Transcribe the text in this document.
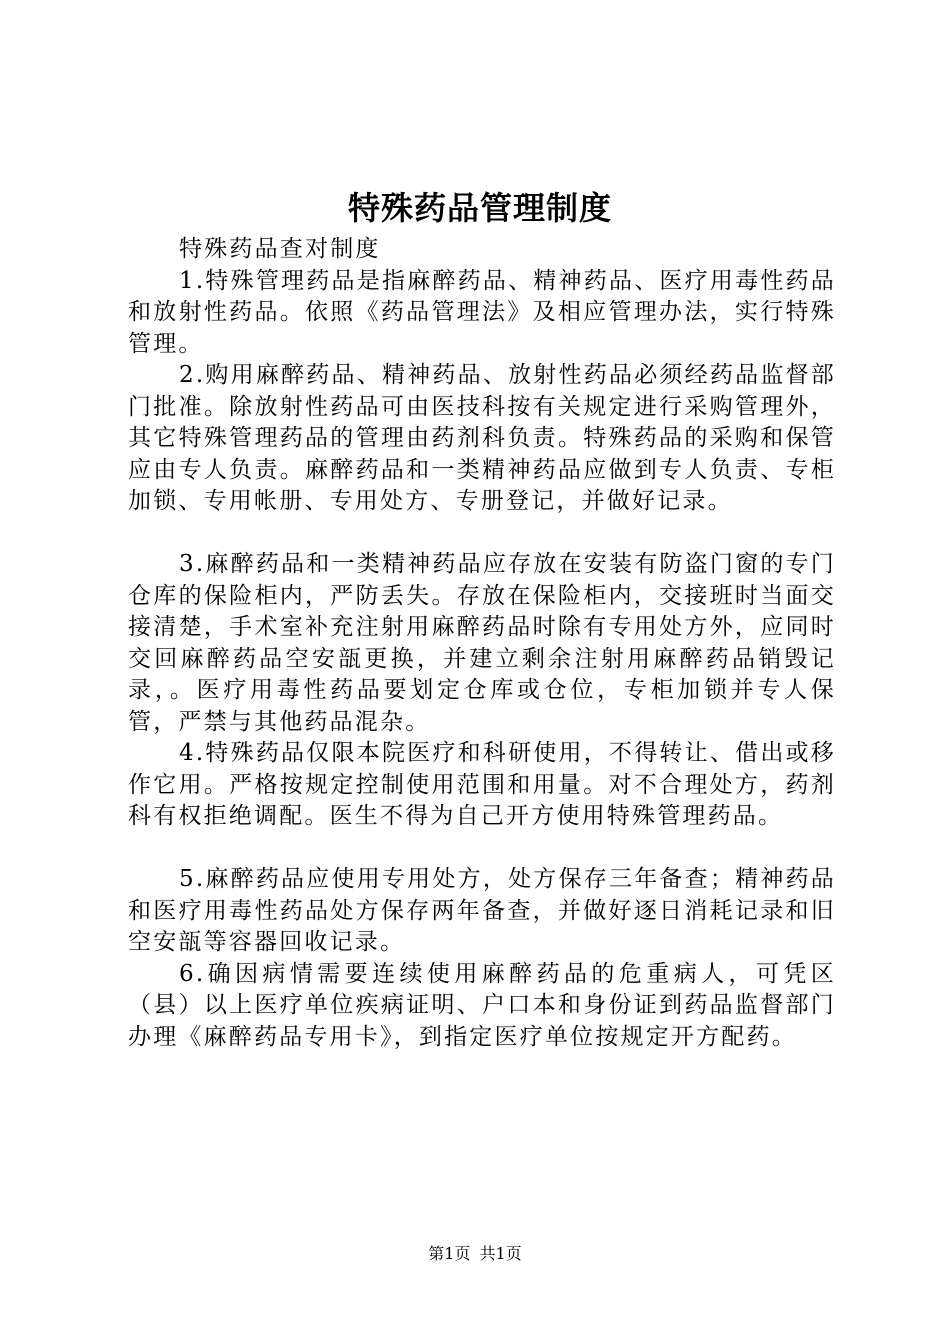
特殊药品管理制度

特殊药品查对制度

1.特殊管理药品是指麻醉药品、精神药品、医疗用毒性药品和放射性药品。依照《药品管理法》及相应管理办法，实行特殊管理。

2.购用麻醉药品、精神药品、放射性药品必须经药品监督部门批准。除放射性药品可由医技科按有关规定进行采购管理外，其它特殊管理药品的管理由药剂科负责。特殊药品的采购和保管应由专人负责。麻醉药品和一类精神药品应做到专人负责、专柜加锁、专用帐册、专用处方、专册登记，并做好记录。

3.麻醉药品和一类精神药品应存放在安装有防盗门窗的专门仓库的保险柜内，严防丢失。存放在保险柜内，交接班时当面交接清楚，手术室补充注射用麻醉药品时除有专用处方外，应同时交回麻醉药品空安瓿更换，并建立剩余注射用麻醉药品销毁记录，。医疗用毒性药品要划定仓库或仓位，专柜加锁并专人保管，严禁与其他药品混杂。

4.特殊药品仅限本院医疗和科研使用，不得转让、借出或移作它用。严格按规定控制使用范围和用量。对不合理处方，药剂科有权拒绝调配。医生不得为自己开方使用特殊管理药品。

5.麻醉药品应使用专用处方，处方保存三年备查；精神药品和医疗用毒性药品处方保存两年备查，并做好逐日消耗记录和旧空安瓿等容器回收记录。

6.确因病情需要连续使用麻醉药品的危重病人，可凭区（县）以上医疗单位疾病证明、户口本和身份证到药品监督部门办理《麻醉药品专用卡》，到指定医疗单位按规定开方配药。

第1页 共1页
